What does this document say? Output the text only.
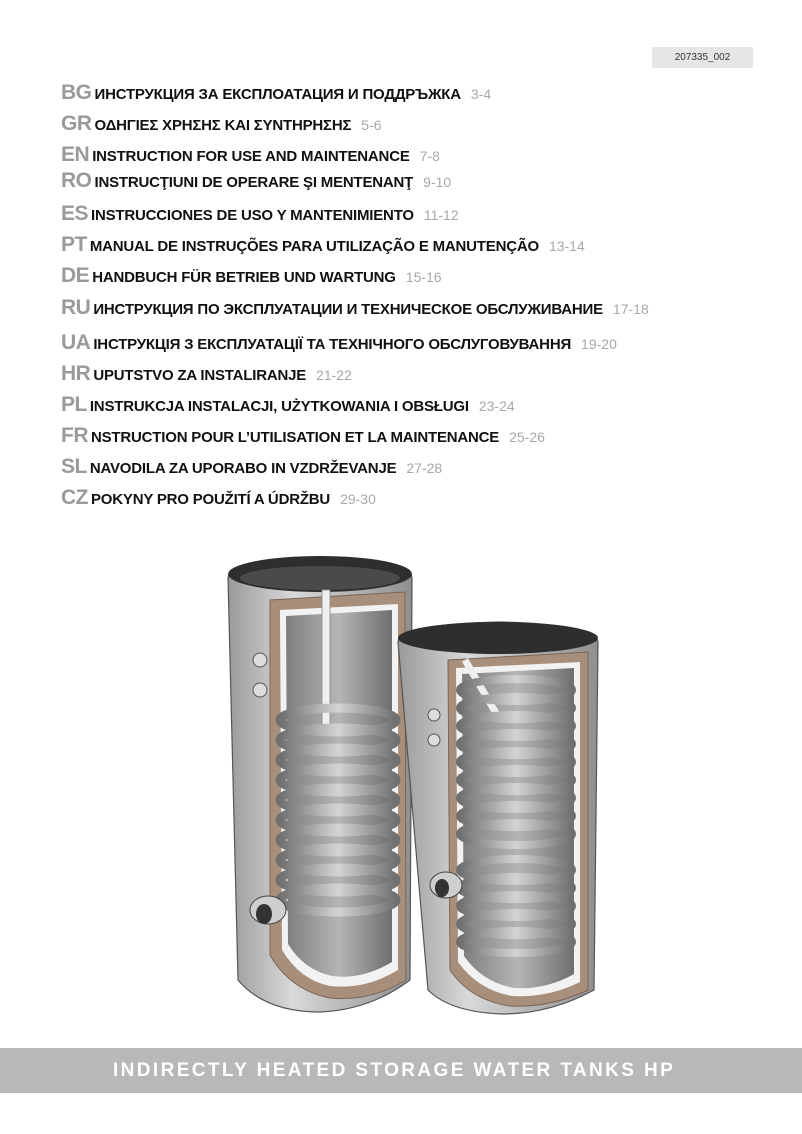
207335_002
BG ИНСТРУКЦИЯ ЗА ЕКСПЛОАТАЦИЯ И ПОДДРЪЖКА 3-4
GR ΟΔΗΓΙΕΣ ΧΡΗΣΗΣ ΚΑΙ ΣΥΝΤΗΡΗΣΗΣ 5-6
EN INSTRUCTION FOR USE AND MAINTENANCE 7-8
RO INSTRUCŢIUNI DE OPERARE ŞI MENTENANŢ 9-10
ES INSTRUCCIONES DE USO Y MANTENIMIENTO 11-12
PT MANUAL DE INSTRUÇÕES PARA UTILIZAÇÃO E MANUTENÇÃO 13-14
DE HANDBUCH FÜR BETRIEB UND WARTUNG 15-16
RU ИНСТРУКЦИЯ ПО ЭКСПЛУАТАЦИИ И ТЕХНИЧЕСКОЕ ОБСЛУЖИВАНИЕ 17-18
UA ІНСТРУКЦІЯ З ЕКСПЛУАТАЦІЇ ТА ТЕХНІЧНОГО ОБСЛУГОВУВАННЯ 19-20
HR UPUTSTVO ZA INSTALIRANJE 21-22
PL INSTRUKCJA INSTALACJI, UŻYTKOWANIA I OBSŁUGI 23-24
FR NSTRUCTION POUR L’UTILISATION ET LA MAINTENANCE 25-26
SL NAVODILA ZA UPORABO IN VZDRŽEVANJE 27-28
CZ POKYNY PRO POUŽITÍ A ÚDRŽBU 29-30
INDIRECTLY HEATED STORAGE WATER TANKS HP
